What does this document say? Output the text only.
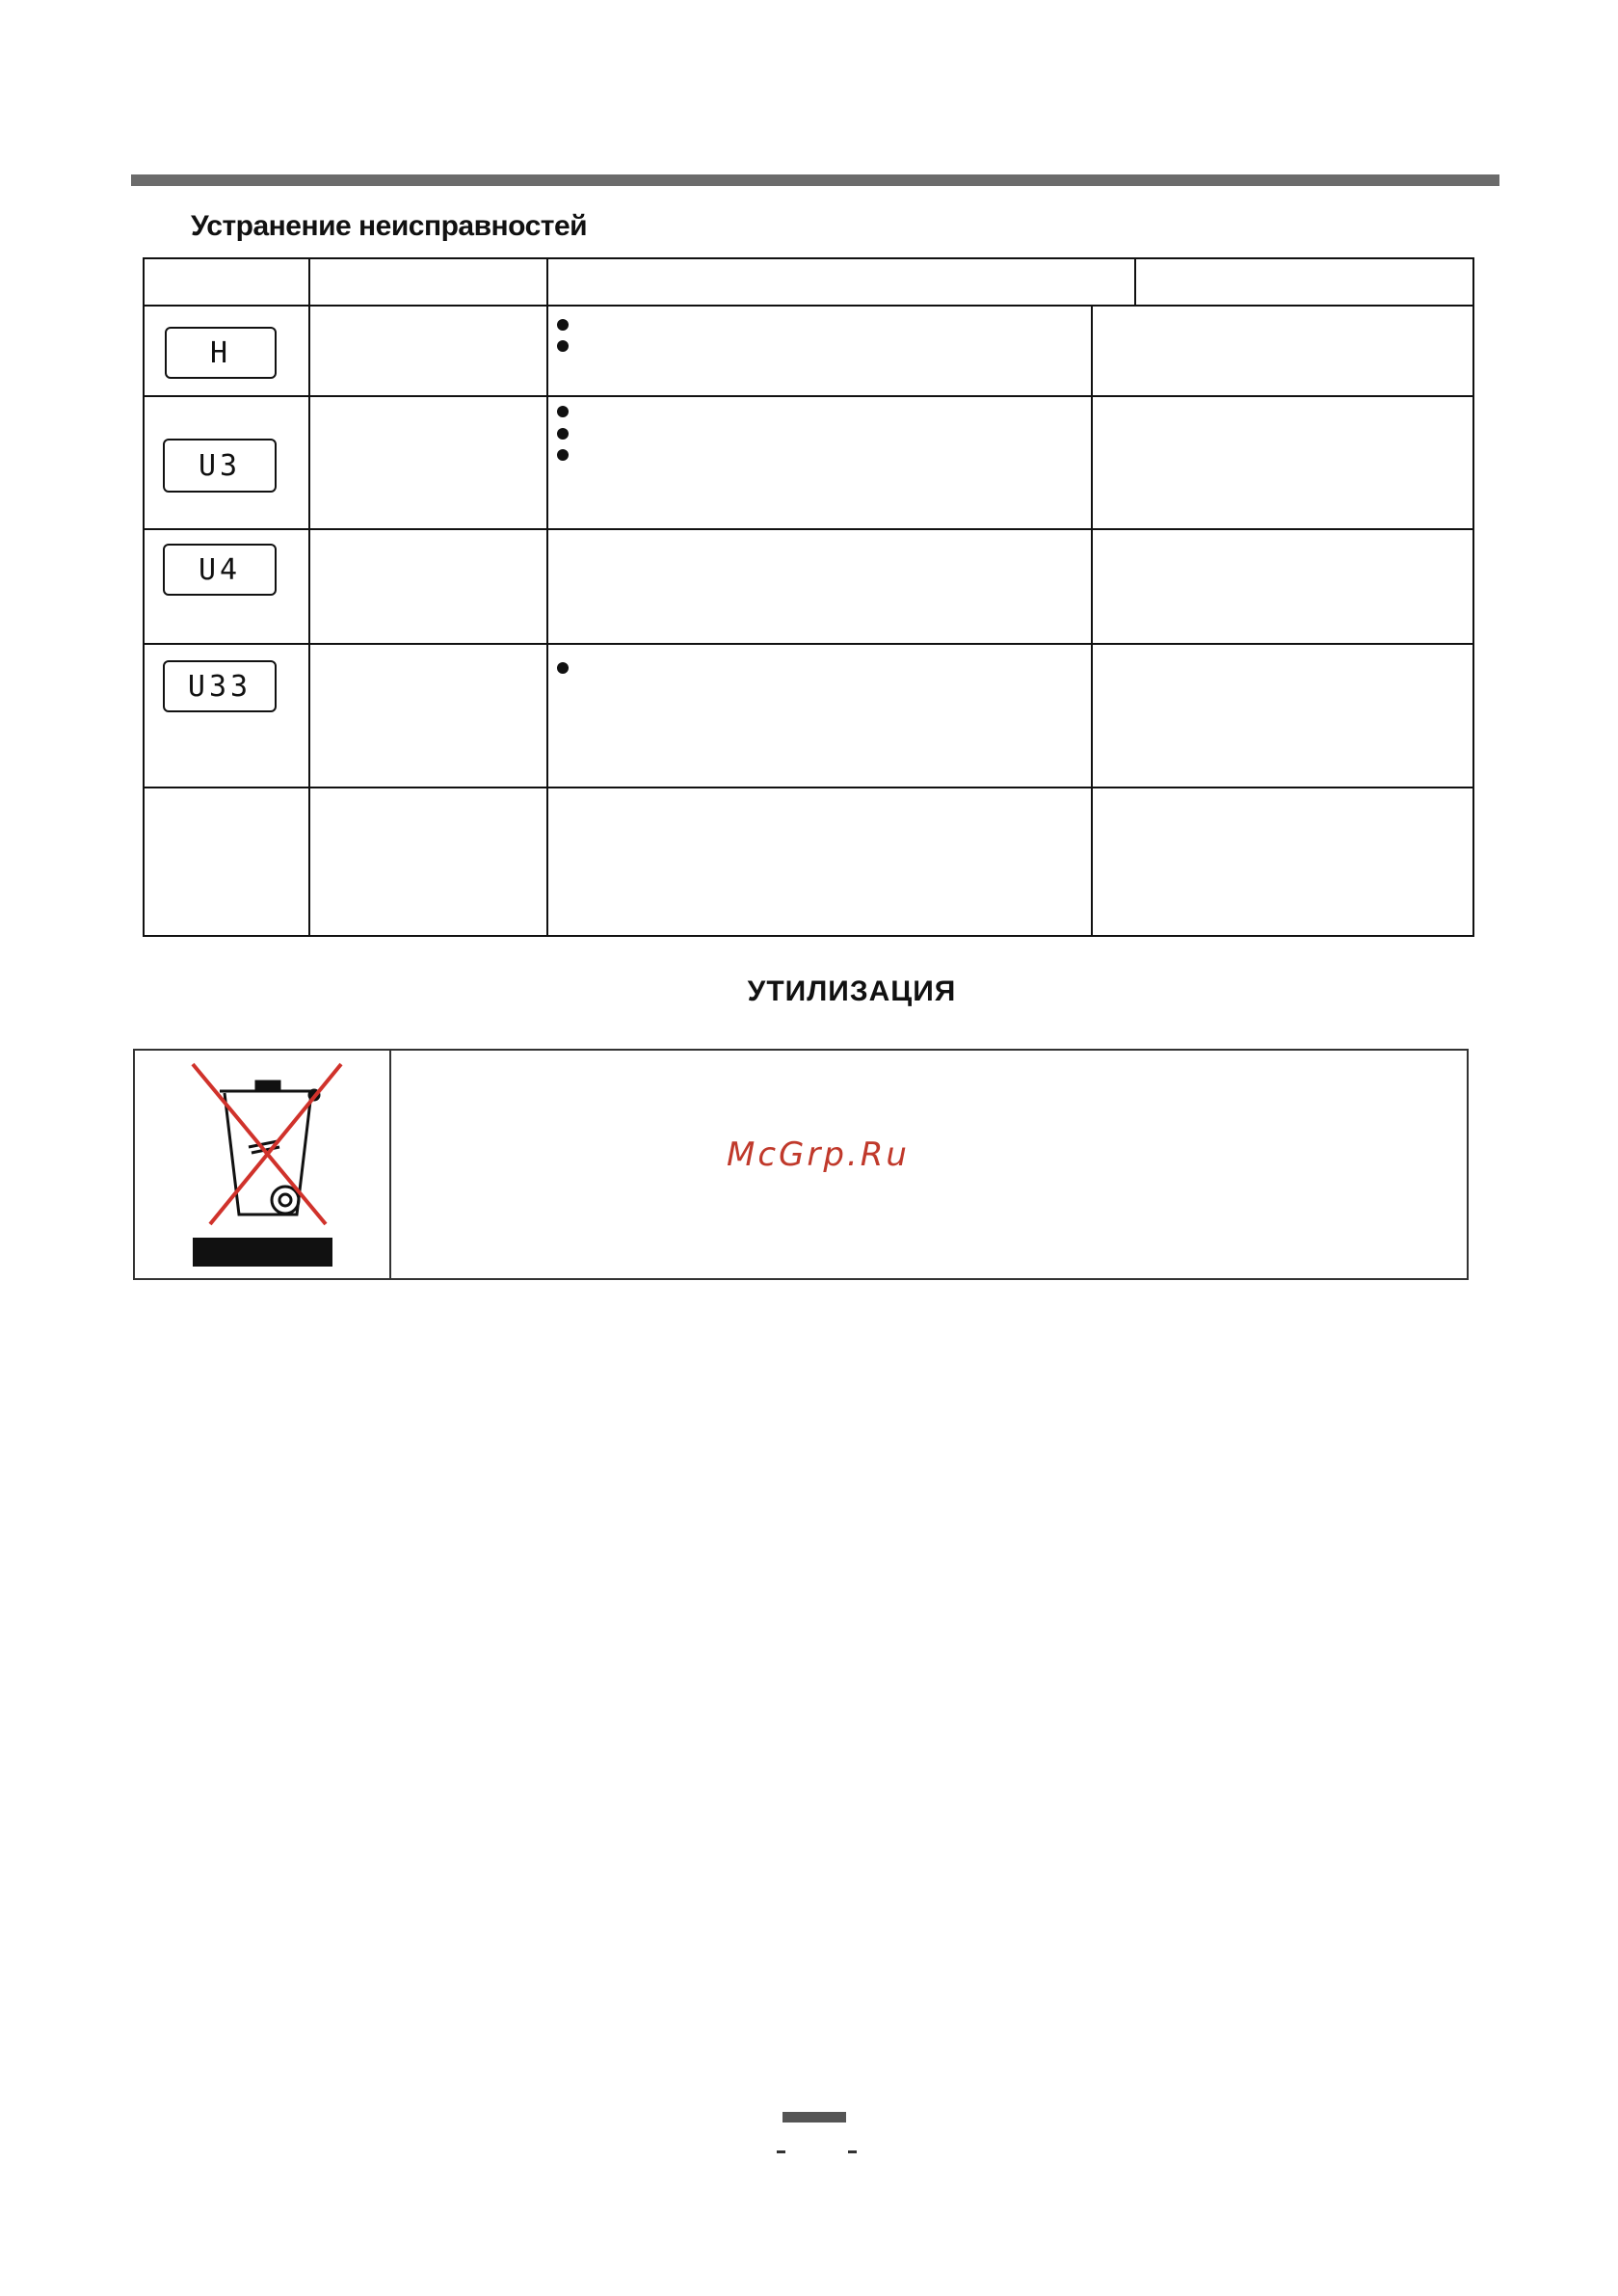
Устранение неисправностей
H
U3
U4
U33
УТИЛИЗАЦИЯ
McGrp.Ru
